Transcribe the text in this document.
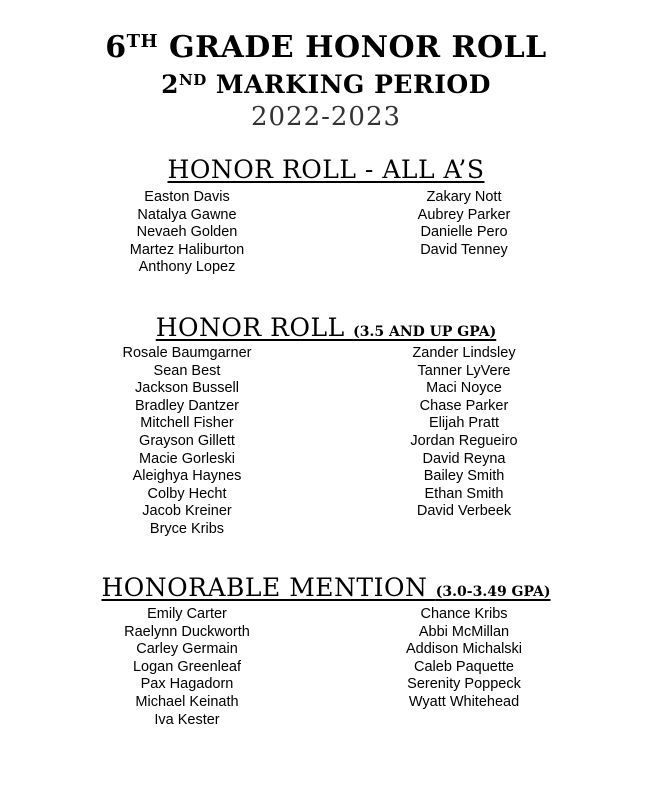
6TH GRADE HONOR ROLL
2ND MARKING PERIOD
2022-2023
HONOR ROLL - ALL A’S
Easton Davis
Natalya Gawne
Nevaeh Golden
Martez Haliburton
Anthony Lopez
Zakary Nott
Aubrey Parker
Danielle Pero
David Tenney
HONOR ROLL (3.5 AND UP GPA)
Rosale Baumgarner
Sean Best
Jackson Bussell
Bradley Dantzer
Mitchell Fisher
Grayson Gillett
Macie Gorleski
Aleighya Haynes
Colby Hecht
Jacob Kreiner
Bryce Kribs
Zander Lindsley
Tanner LyVere
Maci Noyce
Chase Parker
Elijah Pratt
Jordan Regueiro
David Reyna
Bailey Smith
Ethan Smith
David Verbeek
HONORABLE MENTION (3.0-3.49 GPA)
Emily Carter
Raelynn Duckworth
Carley Germain
Logan Greenleaf
Pax Hagadorn
Michael Keinath
Iva Kester
Chance Kribs
Abbi McMillan
Addison Michalski
Caleb Paquette
Serenity Poppeck
Wyatt Whitehead
